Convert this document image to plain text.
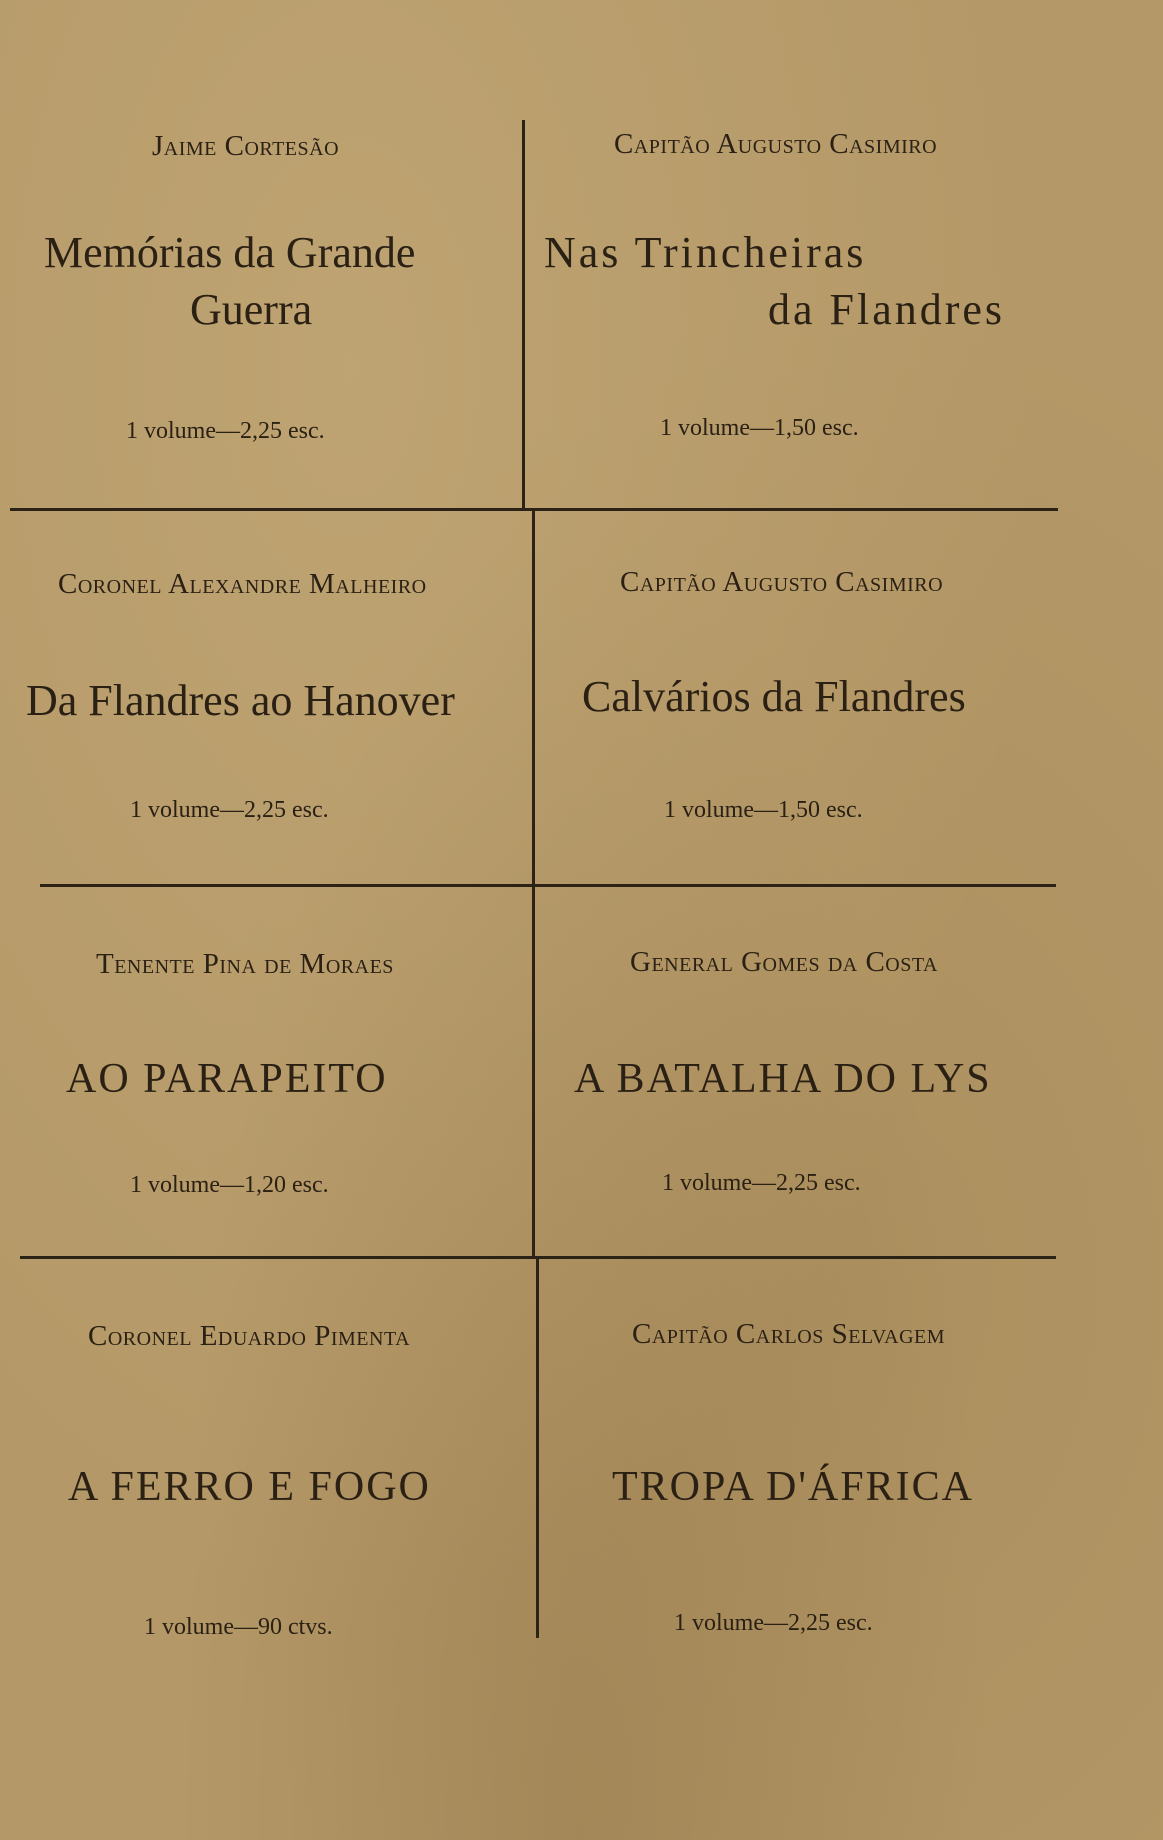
Jaime Cortesão
Memórias da Grande
Guerra
1 volume—2,25 esc.
Capitão Augusto Casimiro
Nas Trincheiras
da Flandres
1 volume—1,50 esc.
Coronel Alexandre Malheiro
Da Flandres ao Hanover
1 volume—2,25 esc.
Capitão Augusto Casimiro
Calvários da Flandres
1 volume—1,50 esc.
Tenente Pina de Moraes
AO PARAPEITO
1 volume—1,20 esc.
General Gomes da Costa
A BATALHA DO LYS
1 volume—2,25 esc.
Coronel Eduardo Pimenta
A FERRO E FOGO
1 volume—90 ctvs.
Capitão Carlos Selvagem
TROPA D'ÁFRICA
1 volume—2,25 esc.
